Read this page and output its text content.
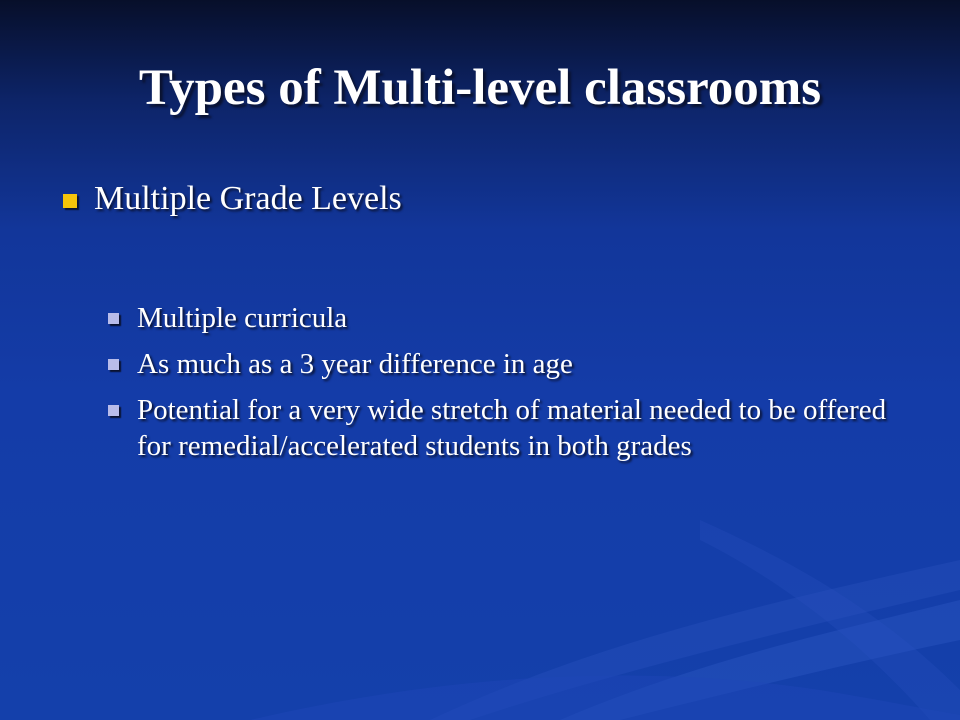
Types of Multi-level classrooms
Multiple Grade Levels
Multiple curricula
As much as a 3 year difference in age
Potential for a very wide stretch of material needed to be offered for remedial/accelerated students in both grades
